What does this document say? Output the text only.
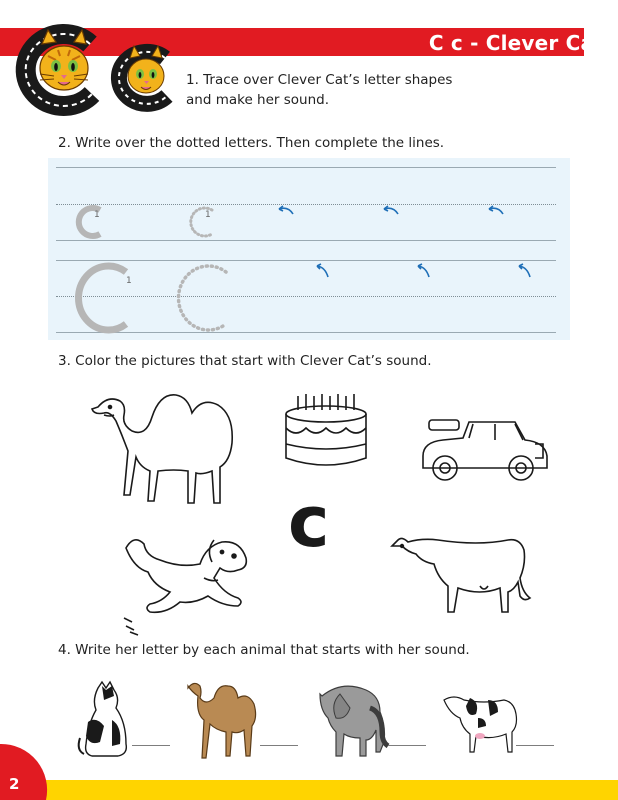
C c - Clever Cat
1. Trace over Clever Cat’s letter shapes
and make her sound.
2. Write over the dotted letters. Then complete the lines.
1	1
1
3. Color the pictures that start with Clever Cat’s sound.
c
4. Write her letter by each animal that starts with her sound.
2
